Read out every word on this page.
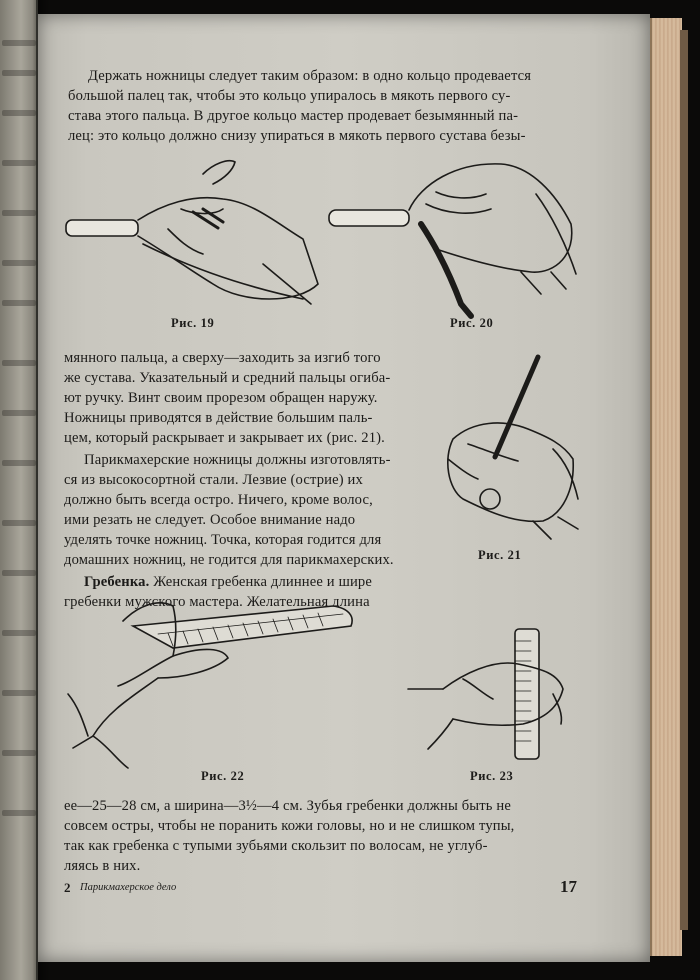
Держать ножницы следует таким образом: в одно кольцо продевается
большой палец так, чтобы это кольцо упиралось в мякоть первого су-
става этого пальца. В другое кольцо мастер продевает безымянный па-
лец: это кольцо должно снизу упираться в мякоть первого сустава безы-
Рис. 19	Рис. 20
мянного пальца, а сверху—заходить за изгиб того
же сустава. Указательный и средний пальцы огиба-
ют ручку. Винт своим прорезом обращен наружу.
Ножницы приводятся в действие большим паль-
цем, который раскрывает и закрывает их (рис. 21).
Парикмахерские ножницы должны изготовлять-
ся из высокосортной стали. Лезвие (острие) их
должно быть всегда остро. Ничего, кроме волос,
ими резать не следует. Особое внимание надо
уделять точке ножниц. Точка, которая годится для
домашних ножниц, не годится для парикмахерских.
Гребенка. Женская гребенка длиннее и шире
гребенки мужского мастера. Желательная длина
Рис. 21
Рис. 22	Рис. 23
ее—25—28 см, а ширина—3½—4 см. Зубья гребенки должны быть не
совсем остры, чтобы не поранить кожи головы, но и не слишком тупы,
так как гребенка с тупыми зубьями скользит по волосам, не углуб-
ляясь в них.
2 Парикмахерское дело	17
